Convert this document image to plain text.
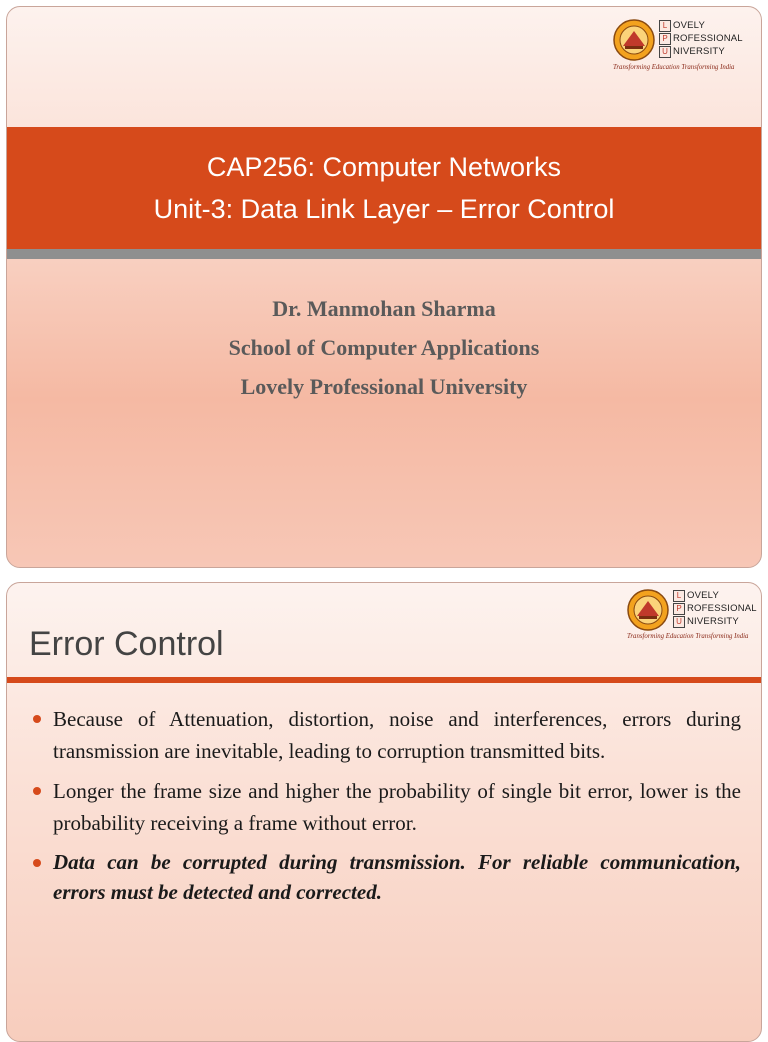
L OVELY
P ROFESSIONAL
U NIVERSITY
Transforming Education Transforming India
CAP256: Computer Networks
Unit-3: Data Link Layer – Error Control
Dr. Manmohan Sharma
School of Computer Applications
Lovely Professional University
L OVELY
P ROFESSIONAL
U NIVERSITY
Transforming Education Transforming India
Error Control
Because of Attenuation, distortion, noise and interferences, errors during transmission are inevitable, leading to corruption transmitted bits.
Longer the frame size and higher the probability of single bit error, lower is the probability receiving a frame without error.
Data can be corrupted during transmission. For reliable communication, errors must be detected and corrected.
